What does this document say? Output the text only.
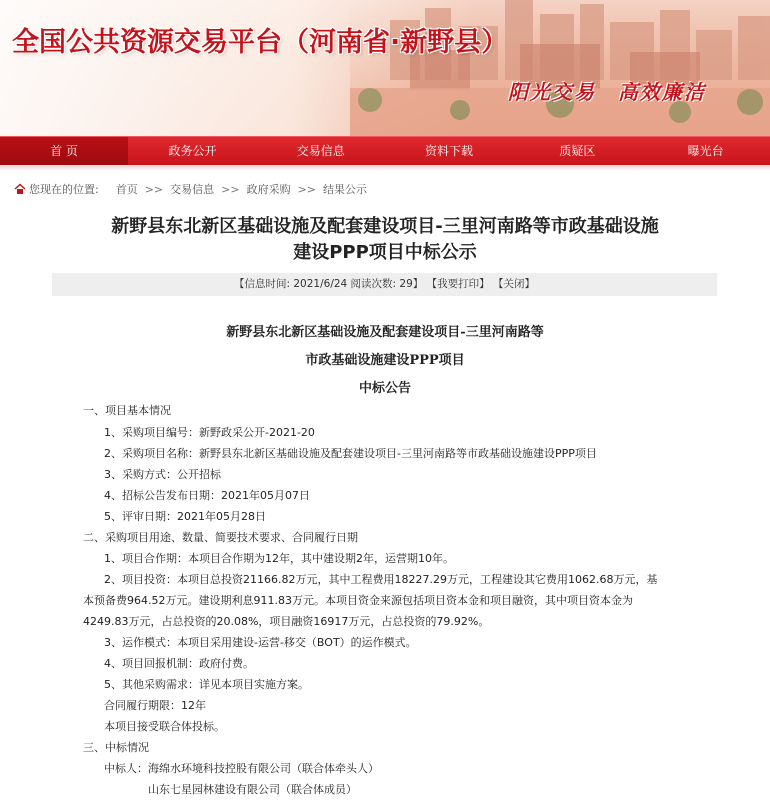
全国公共资源交易平台（河南省·新野县）
阳光交易 高效廉洁
首 页	政务公开	交易信息	资料下载	质疑区	曝光台
您现在的位置: 首页 >> 交易信息 >> 政府采购 >> 结果公示
新野县东北新区基础设施及配套建设项目-三里河南路等市政基础设施
建设PPP项目中标公示
【信息时间: 2021/6/24 阅读次数: 29】 【我要打印】 【关闭】
新野县东北新区基础设施及配套建设项目-三里河南路等
市政基础设施建设PPP项目
中标公告
一、项目基本情况
1、采购项目编号：新野政采公开-2021-20
2、采购项目名称：新野县东北新区基础设施及配套建设项目-三里河南路等市政基础设施建设PPP项目
3、采购方式：公开招标
4、招标公告发布日期：2021年05月07日
5、评审日期：2021年05月28日
二、采购项目用途、数量、简要技术要求、合同履行日期
1、项目合作期：本项目合作期为12年，其中建设期2年，运营期10年。
2、项目投资：本项目总投资21166.82万元，其中工程费用18227.29万元，工程建设其它费用1062.68万元，基
本预备费964.52万元。建设期利息911.83万元。本项目资金来源包括项目资本金和项目融资，其中项目资本金为
4249.83万元，占总投资的20.08%，项目融资16917万元，占总投资的79.92%。
3、运作模式：本项目采用建设-运营-移交（BOT）的运作模式。
4、项目回报机制：政府付费。
5、其他采购需求：详见本项目实施方案。
合同履行期限：12年
本项目接受联合体投标。
三、中标情况
中标人：海绵水环境科技控股有限公司（联合体牵头人）
山东七星园林建设有限公司（联合体成员）
